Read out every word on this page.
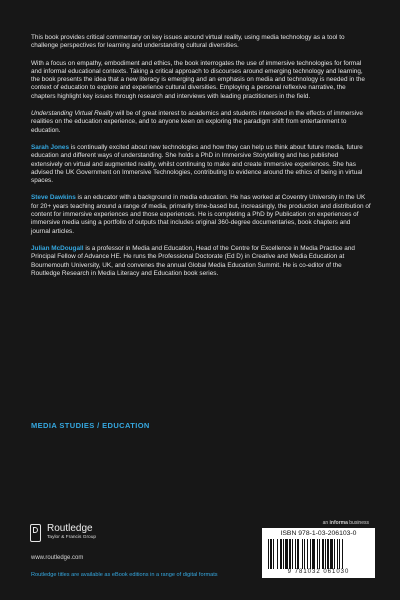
This book provides critical commentary on key issues around virtual reality, using media technology as a tool to challenge perspectives for learning and understanding cultural diversities.

With a focus on empathy, embodiment and ethics, the book interrogates the use of immersive technologies for formal and informal educational contexts. Taking a critical approach to discourses around emerging technology and learning, the book presents the idea that a new literacy is emerging and an emphasis on media and technology is needed in the context of education to explore and experience cultural diversities. Employing a personal reflexive narrative, the chapters highlight key issues through research and interviews with leading practitioners in the field.

Understanding Virtual Reality will be of great interest to academics and students interested in the effects of immersive realities on the education experience, and to anyone keen on exploring the paradigm shift from entertainment to education.

Sarah Jones is continually excited about new technologies and how they can help us think about future media, future education and different ways of understanding. She holds a PhD in Immersive Storytelling and has published extensively on virtual and augmented reality, whilst continuing to make and create immersive experiences. She has advised the UK Government on Immersive Technologies, contributing to evidence around the ethics of being in virtual spaces.

Steve Dawkins is an educator with a background in media education. He has worked at Coventry University in the UK for 20+ years teaching around a range of media, primarily time-based but, increasingly, the production and distribution of content for immersive experiences and those experiences. He is completing a PhD by Publication on experiences of immersive media using a portfolio of outputs that includes original 360-degree documentaries, book chapters and journal articles.

Julian McDougall is a professor in Media and Education, Head of the Centre for Excellence in Media Practice and Principal Fellow of Advance HE. He runs the Professional Doctorate (Ed D) in Creative and Media Education at Bournemouth University, UK, and convenes the annual Global Media Education Summit. He is co-editor of the Routledge Research in Media Literacy and Education book series.

MEDIA STUDIES / EDUCATION
Routledge
Taylor & Francis Group
www.routledge.com
Routledge titles are available as eBook editions in a range of digital formats
an informa business
ISBN 978-1-03-206103-0
9 781032 061030
